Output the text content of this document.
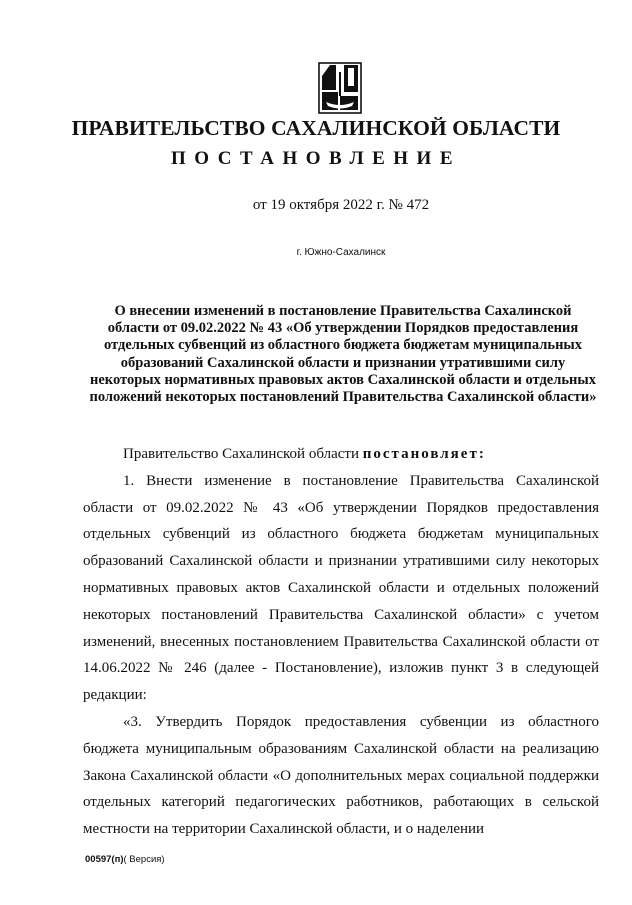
ПРАВИТЕЛЬСТВО САХАЛИНСКОЙ ОБЛАСТИ
ПОСТАНОВЛЕНИЕ

от 19 октября 2022 г. № 472

г. Южно-Сахалинск

О внесении изменений в постановление Правительства Сахалинской области от 09.02.2022 № 43 «Об утверждении Порядков предоставления отдельных субвенций из областного бюджета бюджетам муниципальных образований Сахалинской области и признании утратившими силу некоторых нормативных правовых актов Сахалинской области и отдельных положений некоторых постановлений Правительства Сахалинской области»

Правительство Сахалинской области постановляет:

1. Внести изменение в постановление Правительства Сахалинской области от 09.02.2022 № 43 «Об утверждении Порядков предоставления отдельных субвенций из областного бюджета бюджетам муниципальных образований Сахалинской области и признании утратившими силу некоторых нормативных правовых актов Сахалинской области и отдельных положений некоторых постановлений Правительства Сахалинской области» с учетом изменений, внесенных постановлением Правительства Сахалинской области от 14.06.2022 № 246 (далее - Постановление), изложив пункт 3 в следующей редакции:

«3. Утвердить Порядок предоставления субвенции из областного бюджета муниципальным образованиям Сахалинской области на реализацию Закона Сахалинской области «О дополнительных мерах социальной поддержки отдельных категорий педагогических работников, работающих в сельской местности на территории Сахалинской области, и о наделении

00597(п)( Версия)
